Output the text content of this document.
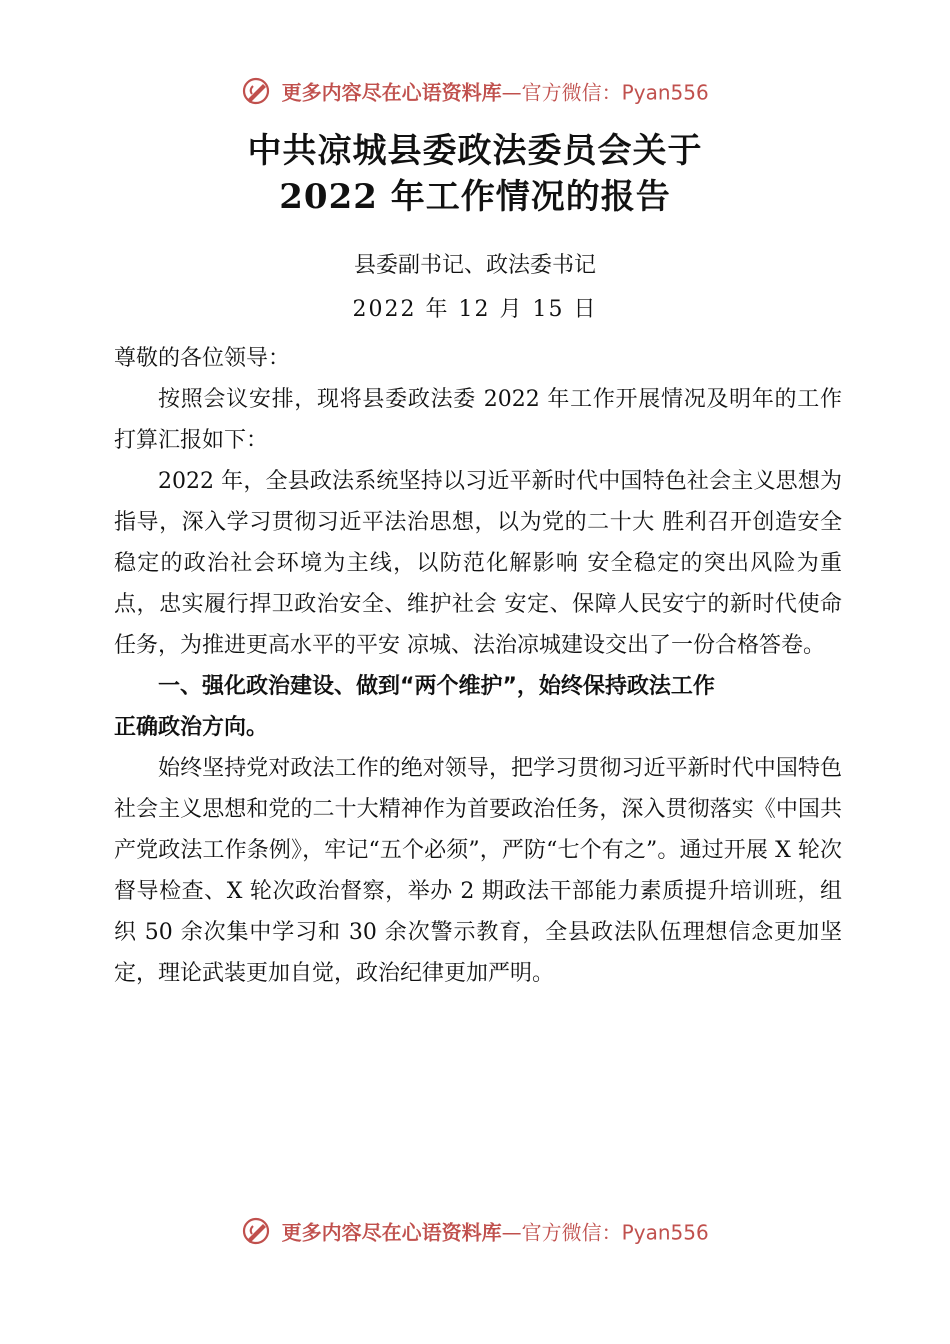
更多内容尽在心语资料库—官方微信：Pyan556
中共凉城县委政法委员会关于
2022 年工作情况的报告
县委副书记、政法委书记
2022 年 12 月 15 日

尊敬的各位领导：

按照会议安排，现将县委政法委 2022 年工作开展情况及明年的工作打算汇报如下：

2022 年，全县政法系统坚持以习近平新时代中国特色社会主义思想为指导，深入学习贯彻习近平法治思想，以为党的二十大 胜利召开创造安全稳定的政治社会环境为主线，以防范化解影响 安全稳定的突出风险为重点，忠实履行捍卫政治安全、维护社会 安定、保障人民安宁的新时代使命任务，为推进更高水平的平安 凉城、法治凉城建设交出了一份合格答卷。

一、强化政治建设、做到“两个维护”，始终保持政法工作
正确政治方向。

始终坚持党对政法工作的绝对领导，把学习贯彻习近平新时代中国特色社会主义思想和党的二十大精神作为首要政治任务，深入贯彻落实《中国共产党政法工作条例》，牢记“五个必须”，严防“七个有之”。通过开展 X 轮次督导检查、X 轮次政治督察，举办 2 期政法干部能力素质提升培训班，组织 50 余次集中学习和 30 余次警示教育，全县政法队伍理想信念更加坚定，理论武装更加自觉，政治纪律更加严明。

更多内容尽在心语资料库—官方微信：Pyan556
